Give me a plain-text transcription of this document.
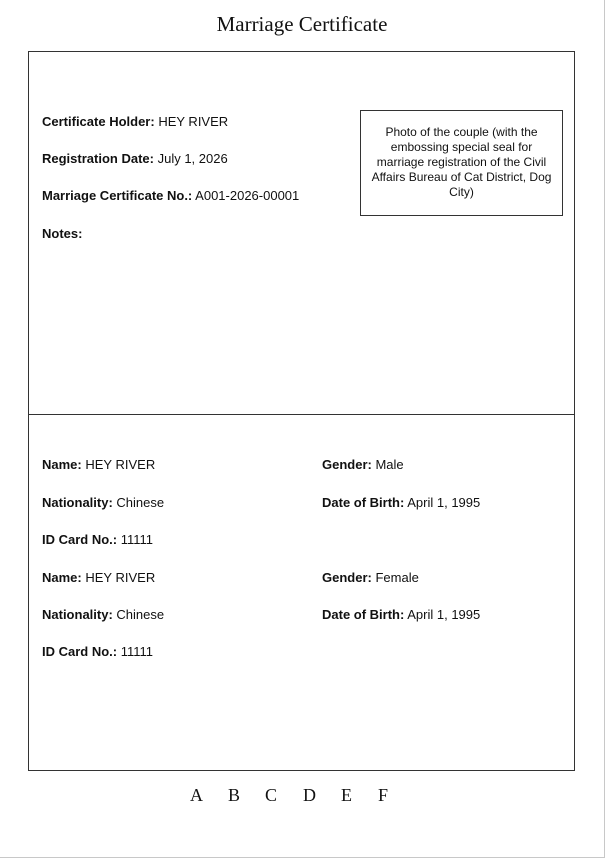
Marriage Certificate
Certificate Holder: HEY RIVER
Registration Date: July 1, 2026
Marriage Certificate No.: A001-2026-00001
Notes:
Photo of the couple (with the embossing special seal for marriage registration of the Civil Affairs Bureau of Cat District, Dog City)
Name: HEY RIVER	Gender: Male
Nationality: Chinese	Date of Birth: April 1, 1995
ID Card No.: 11111
Name: HEY RIVER	Gender: Female
Nationality: Chinese	Date of Birth: April 1, 1995
ID Card No.: 11111
A B C D E F
